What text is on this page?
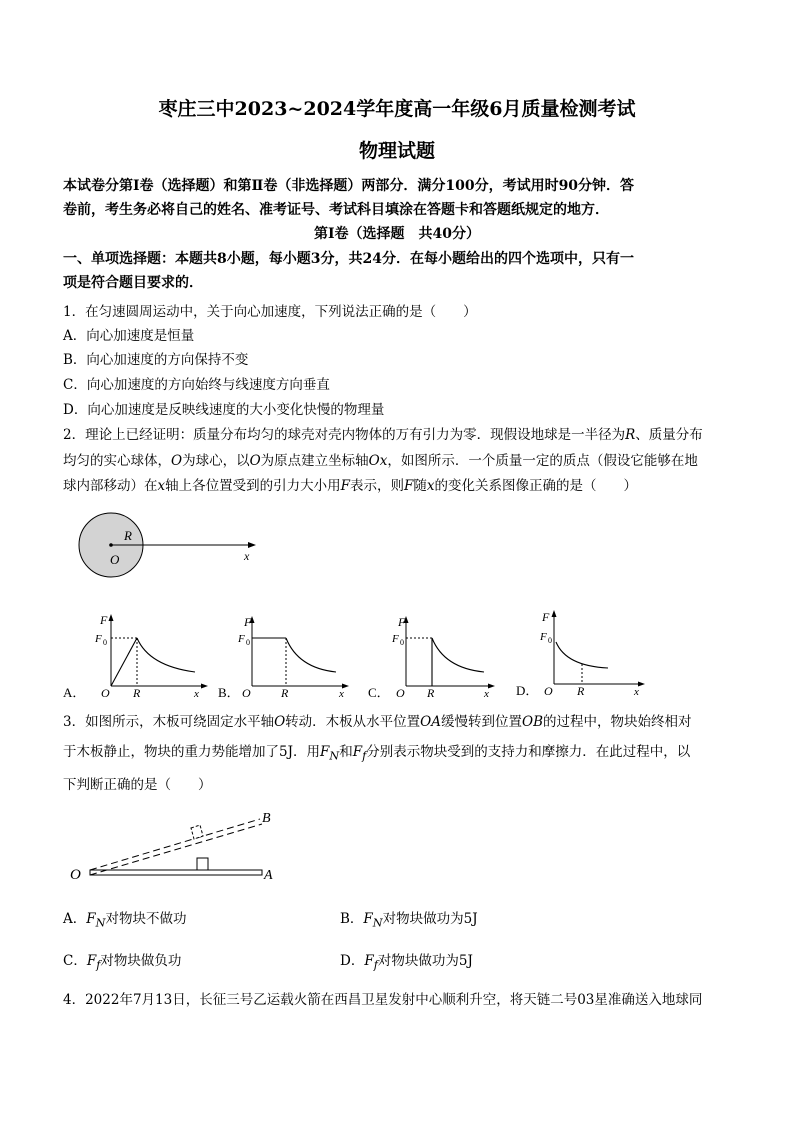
枣庄三中2023~2024学年度高一年级6月质量检测考试
物理试题
本试卷分第Ⅰ卷（选择题）和第Ⅱ卷（非选择题）两部分．满分100分，考试用时90分钟．答
卷前，考生务必将自己的姓名、准考证号、考试科目填涂在答题卡和答题纸规定的地方．
第Ⅰ卷（选择题　共40分）
一、单项选择题：本题共8小题，每小题3分，共24分．在每小题给出的四个选项中，只有一
项是符合题目要求的．
1．在匀速圆周运动中，关于向心加速度，下列说法正确的是（　　）
A．向心加速度是恒量
B．向心加速度的方向保持不变
C．向心加速度的方向始终与线速度方向垂直
D．向心加速度是反映线速度的大小变化快慢的物理量
2．理论上已经证明：质量分布均匀的球壳对壳内物体的万有引力为零．现假设地球是一半径为R、质量分布
均匀的实心球体，O为球心，以O为原点建立坐标轴Ox，如图所示．一个质量一定的质点（假设它能够在地
球内部移动）在x轴上各位置受到的引力大小用F表示，则F随x的变化关系图像正确的是（　　）
R
O	x
F
F 0
O R	x
A．
F
F 0
O	R	x
B．
F
F 0
O R	x
C．
F
F 0
O R	x
D．
3．如图所示，木板可绕固定水平轴O转动．木板从水平位置OA缓慢转到位置OB的过程中，物块始终相对
于木板静止，物块的重力势能增加了5J．用$F_N$和$F_f$分别表示物块受到的支持力和摩擦力．在此过程中，以
下判断正确的是（　　）
O	A
B
A．$F_N$对物块不做功	B．$F_N$对物块做功为5J
C．$F_f$对物块做负功	D．$F_f$对物块做功为5J
4．2022年7月13日，长征三号乙运载火箭在西昌卫星发射中心顺利升空，将天链二号03星准确送入地球同
